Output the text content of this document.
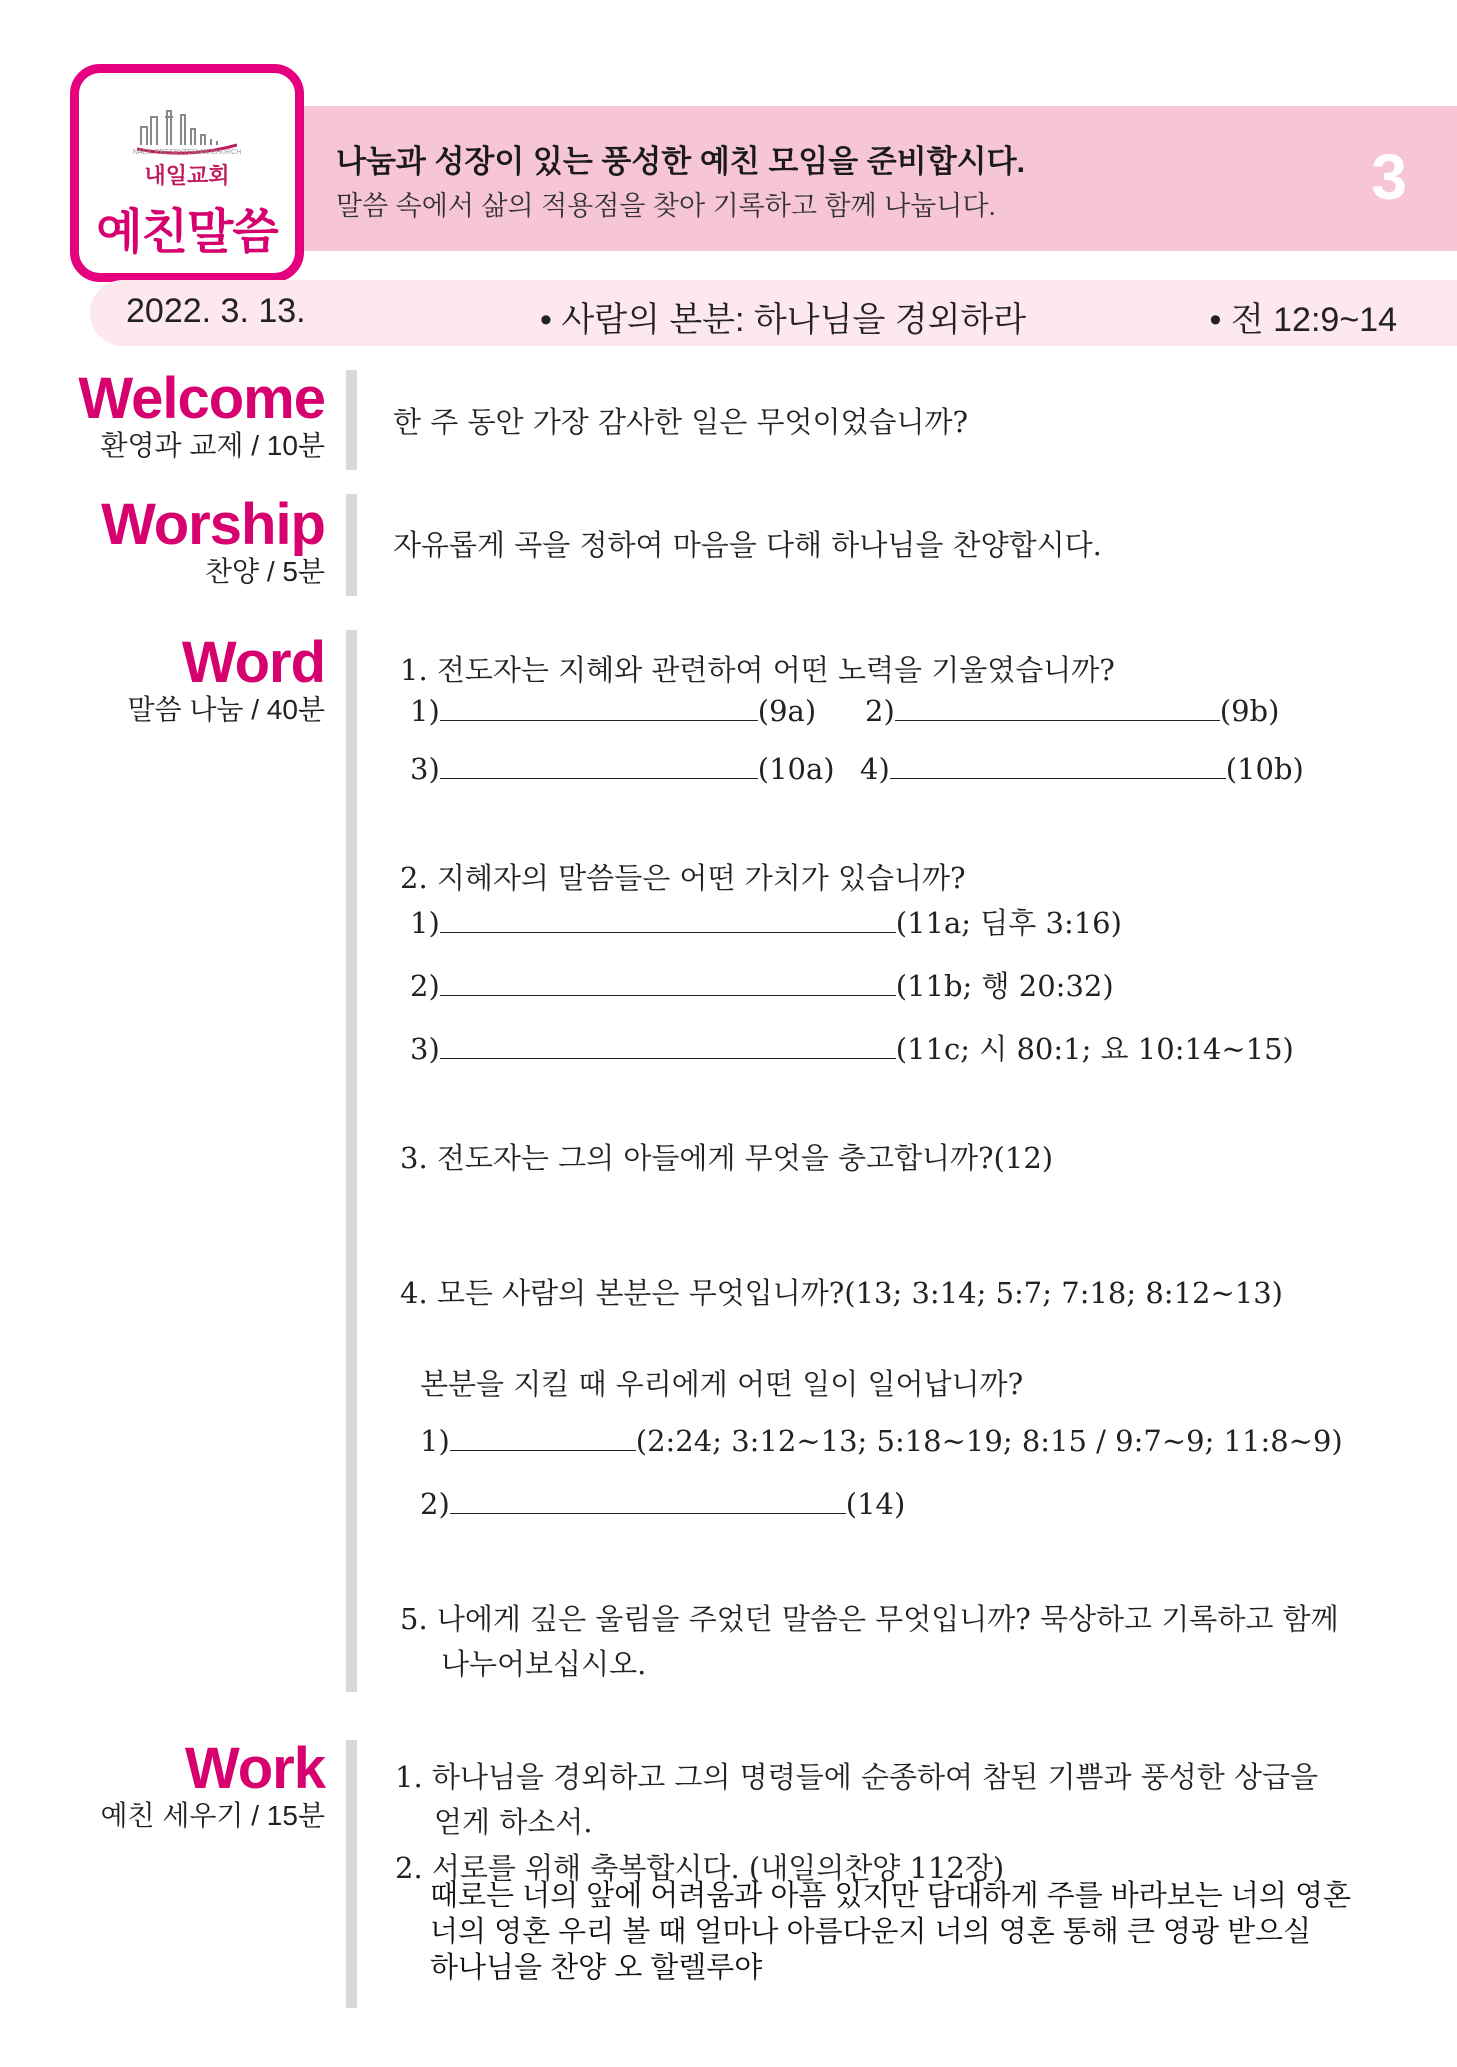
나눔과 성장이 있는 풍성한 예친 모임을 준비합시다.
말씀 속에서 삶의 적용점을 찾아 기록하고 함께 나눕니다.	3
NAEIL PRESBYTERIAN CHURCH
내일교회
예친말씀
2022. 3. 13.	• 사람의 본분: 하나님을 경외하라	• 전 12:9~14
Welcome
환영과 교제 / 10분
한 주 동안 가장 감사한 일은 무엇이었습니까?
Worship
찬양 / 5분
자유롭게 곡을 정하여 마음을 다해 하나님을 찬양합시다.
Word
말씀 나눔 / 40분
1. 전도자는 지혜와 관련하여 어떤 노력을 기울였습니까?
1)	(9a) 2)	(9b)
3)	(10a) 4)	(10b)
2. 지혜자의 말씀들은 어떤 가치가 있습니까?
1)	(11a; 딤후 3:16)
2)	(11b; 행 20:32)
3)	(11c; 시 80:1; 요 10:14~15)
3. 전도자는 그의 아들에게 무엇을 충고합니까?(12)
4. 모든 사람의 본분은 무엇입니까?(13; 3:14; 5:7; 7:18; 8:12~13)
본분을 지킬 때 우리에게 어떤 일이 일어납니까?
1)	(2:24; 3:12~13; 5:18~19; 8:15 / 9:7~9; 11:8~9)
2)	(14)
5. 나에게 깊은 울림을 주었던 말씀은 무엇입니까? 묵상하고 기록하고 함께
나누어보십시오.
Work
예친 세우기 / 15분
1. 하나님을 경외하고 그의 명령들에 순종하여 참된 기쁨과 풍성한 상급을
얻게 하소서.
2. 서로를 위해 축복합시다. (내일의찬양 112장)
때로는 너의 앞에 어려움과 아픔 있지만 담대하게 주를 바라보는 너의 영혼
너의 영혼 우리 볼 때 얼마나 아름다운지 너의 영혼 통해 큰 영광 받으실
하나님을 찬양 오 할렐루야
